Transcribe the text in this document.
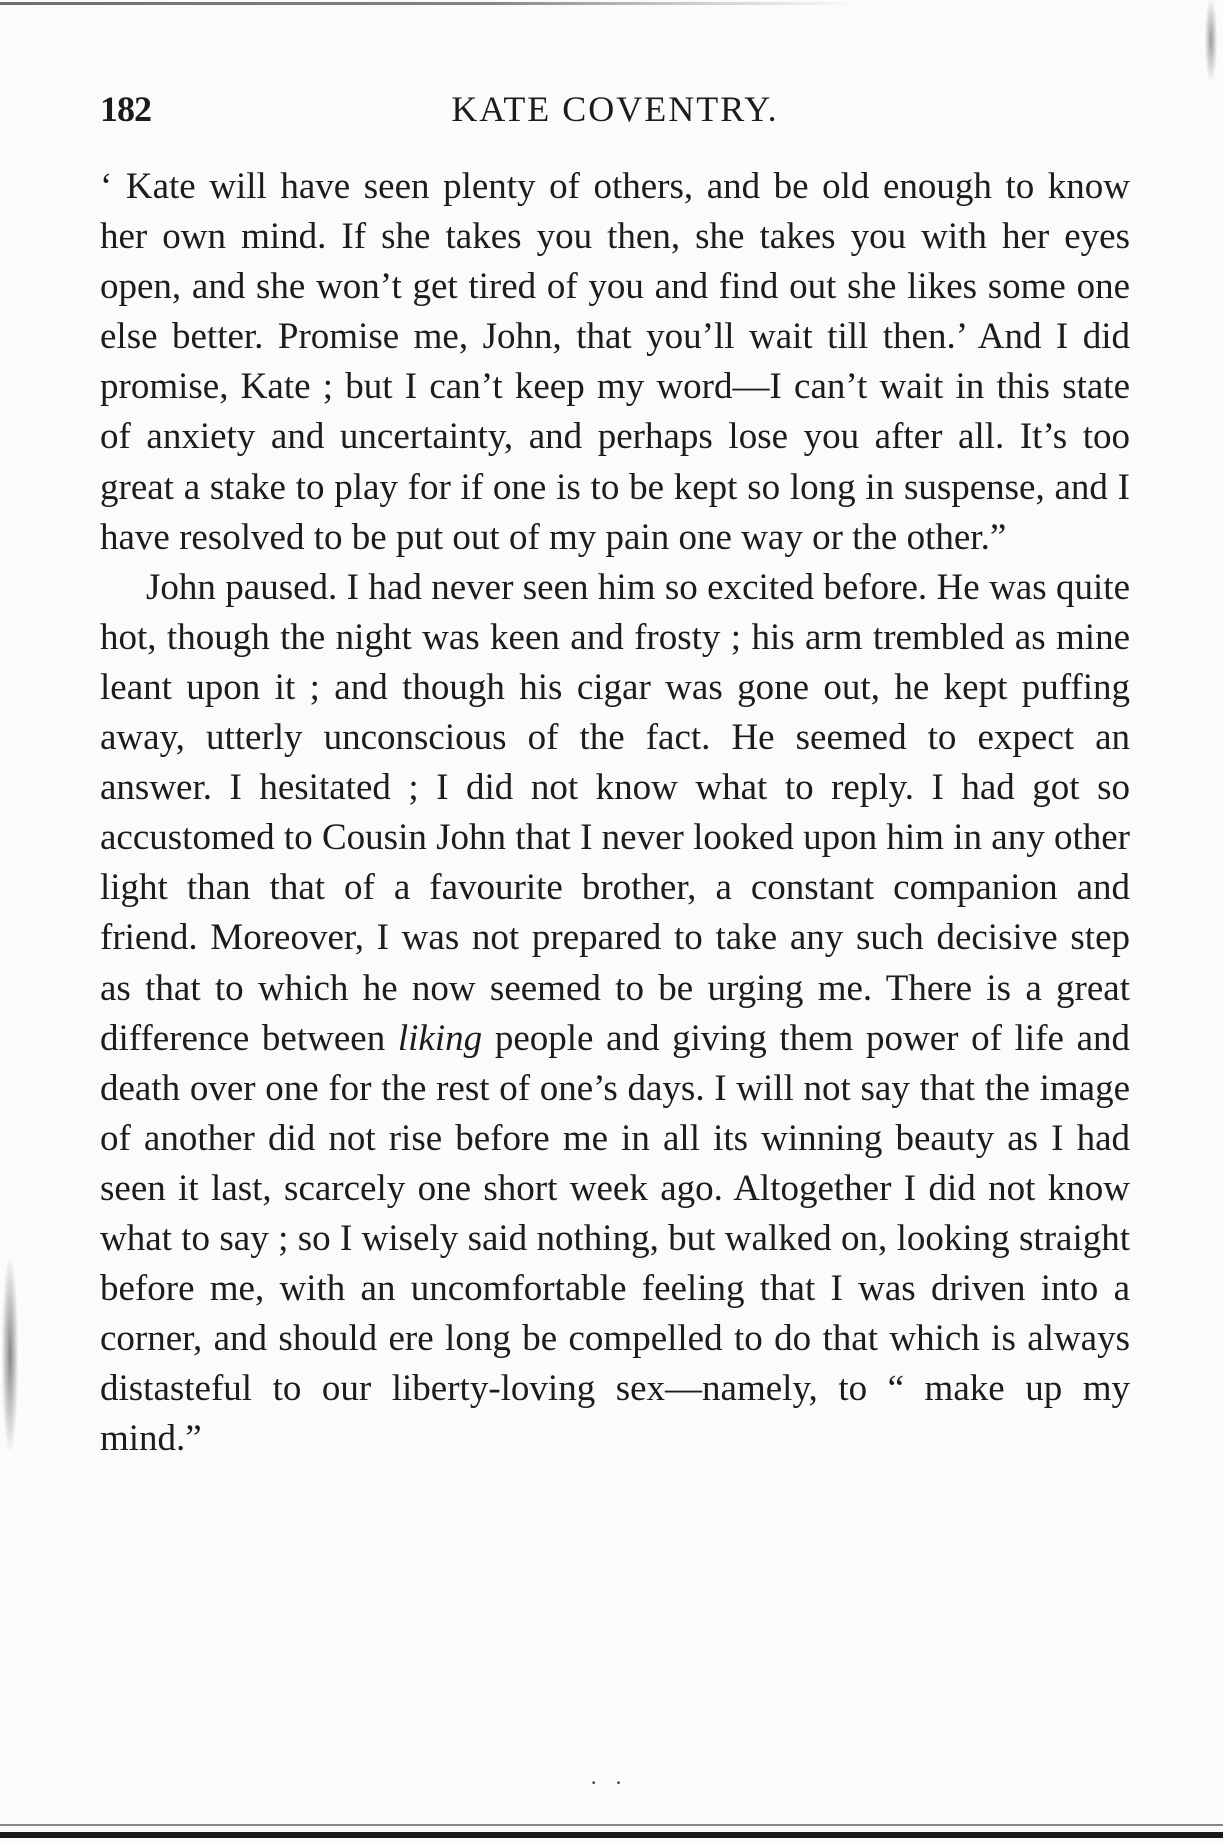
182	KATE COVENTRY.

‘ Kate will have seen plenty of others, and be old enough to know her own mind. If she takes you then, she takes you with her eyes open, and she won’t get tired of you and find out she likes some one else better. Promise me, John, that you’ll wait till then.’ And I did promise, Kate ; but I can’t keep my word—I can’t wait in this state of anxiety and uncertainty, and perhaps lose you after all. It’s too great a stake to play for if one is to be kept so long in suspense, and I have resolved to be put out of my pain one way or the other.”

John paused. I had never seen him so excited before. He was quite hot, though the night was keen and frosty ; his arm trembled as mine leant upon it ; and though his cigar was gone out, he kept puffing away, utterly unconscious of the fact. He seemed to expect an answer. I hesitated ; I did not know what to reply. I had got so accustomed to Cousin John that I never looked upon him in any other light than that of a favourite brother, a constant companion and friend. Moreover, I was not prepared to take any such decisive step as that to which he now seemed to be urging me. There is a great difference between liking people and giving them power of life and death over one for the rest of one’s days. I will not say that the image of another did not rise before me in all its winning beauty as I had seen it last, scarcely one short week ago. Altogether I did not know what to say ; so I wisely said nothing, but walked on, looking straight before me, with an uncomfortable feeling that I was driven into a corner, and should ere long be compelled to do that which is always distasteful to our liberty-loving sex—namely, to “ make up my mind.”

· ·
